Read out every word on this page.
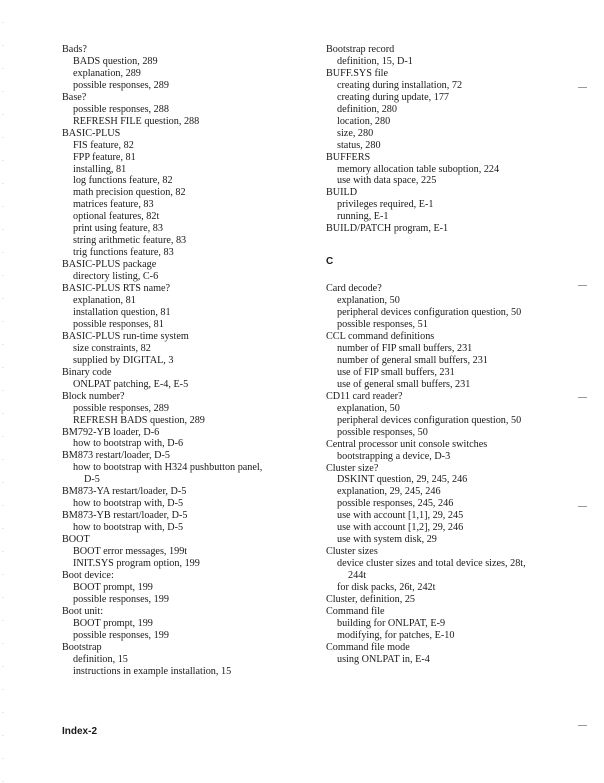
Bads?
BADS question, 289
explanation, 289
possible responses, 289
Base?
possible responses, 288
REFRESH FILE question, 288
BASIC-PLUS
FIS feature, 82
FPP feature, 81
installing, 81
log functions feature, 82
math precision question, 82
matrices feature, 83
optional features, 82t
print using feature, 83
string arithmetic feature, 83
trig functions feature, 83
BASIC-PLUS package
directory listing, C-6
BASIC-PLUS RTS name?
explanation, 81
installation question, 81
possible responses, 81
BASIC-PLUS run-time system
size constraints, 82
supplied by DIGITAL, 3
Binary code
ONLPAT patching, E-4, E-5
Block number?
possible responses, 289
REFRESH BADS question, 289
BM792-YB loader, D-6
how to bootstrap with, D-6
BM873 restart/loader, D-5
how to bootstrap with H324 pushbutton panel,
D-5
BM873-YA restart/loader, D-5
how to bootstrap with, D-5
BM873-YB restart/loader, D-5
how to bootstrap with, D-5
BOOT
BOOT error messages, 199t
INIT.SYS program option, 199
Boot device:
BOOT prompt, 199
possible responses, 199
Boot unit:
BOOT prompt, 199
possible responses, 199
Bootstrap
definition, 15
instructions in example installation, 15
Bootstrap record
definition, 15, D-1
BUFF.SYS file
creating during installation, 72
creating during update, 177
definition, 280
location, 280
size, 280
status, 280
BUFFERS
memory allocation table suboption, 224
use with data space, 225
BUILD
privileges required, E-1
running, E-1
BUILD/PATCH program, E-1
C
Card decode?
explanation, 50
peripheral devices configuration question, 50
possible responses, 51
CCL command definitions
number of FIP small buffers, 231
number of general small buffers, 231
use of FIP small buffers, 231
use of general small buffers, 231
CD11 card reader?
explanation, 50
peripheral devices configuration question, 50
possible responses, 50
Central processor unit console switches
bootstrapping a device, D-3
Cluster size?
DSKINT question, 29, 245, 246
explanation, 29, 245, 246
possible responses, 245, 246
use with account [1,1], 29, 245
use with account [1,2], 29, 246
use with system disk, 29
Cluster sizes
device cluster sizes and total device sizes, 28t,
244t
for disk packs, 26t, 242t
Cluster, definition, 25
Command file
building for ONLPAT, E-9
modifying, for patches, E-10
Command file mode
using ONLPAT in, E-4
Index-2
